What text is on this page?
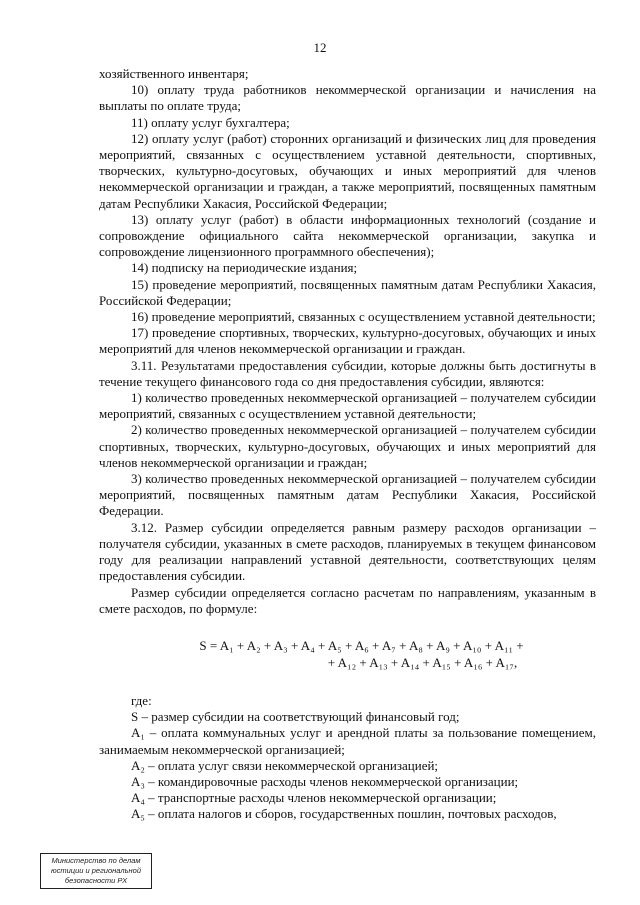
12

хозяйственного инвентаря;

10) оплату труда работников некоммерческой организации и начисления на выплаты по оплате труда;

11) оплату услуг бухгалтера;

12) оплату услуг (работ) сторонних организаций и физических лиц для проведения мероприятий, связанных с осуществлением уставной деятельности, спортивных, творческих, культурно-досуговых, обучающих и иных мероприятий для членов некоммерческой организации и граждан, а также мероприятий, посвященных памятным датам Республики Хакасия, Российской Федерации;

13) оплату услуг (работ) в области информационных технологий (создание и сопровождение официального сайта некоммерческой организации, закупка и сопровождение лицензионного программного обеспечения);

14) подписку на периодические издания;

15) проведение мероприятий, посвященных памятным датам Республики Хакасия, Российской Федерации;

16) проведение мероприятий, связанных с осуществлением уставной деятельности;

17) проведение спортивных, творческих, культурно-досуговых, обучающих и иных мероприятий для членов некоммерческой организации и граждан.

3.11. Результатами предоставления субсидии, которые должны быть достигнуты в течение текущего финансового года со дня предоставления субсидии, являются:

1) количество проведенных некоммерческой организацией – получателем субсидии мероприятий, связанных с осуществлением уставной деятельности;

2) количество проведенных некоммерческой организацией – получателем субсидии спортивных, творческих, культурно-досуговых, обучающих и иных мероприятий для членов некоммерческой организации и граждан;

3) количество проведенных некоммерческой организацией – получателем субсидии мероприятий, посвященных памятным датам Республики Хакасия, Российской Федерации.

3.12. Размер субсидии определяется равным размеру расходов организации – получателя субсидии, указанных в смете расходов, планируемых в текущем финансовом году для реализации направлений уставной деятельности, соответствующих целям предоставления субсидии.

Размер субсидии определяется согласно расчетам по направлениям, указанным в смете расходов, по формуле:

S = A₁ + A₂ + A₃ + A₄ + A₅ + A₆ + A₇ + A₈ + A₉ + A₁₀ + A₁₁ +
+ A₁₂ + A₁₃ + A₁₄ + A₁₅ + A₁₆ + A₁₇,

где:

S – размер субсидии на соответствующий финансовый год;

A₁ – оплата коммунальных услуг и арендной платы за пользование помещением, занимаемым некоммерческой организацией;

A₂ – оплата услуг связи некоммерческой организацией;

A₃ – командировочные расходы членов некоммерческой организации;

A₄ – транспортные расходы членов некоммерческой организации;

A₅ – оплата налогов и сборов, государственных пошлин, почтовых расходов,

Министерство по делам
юстиции и региональной
безопасности РХ
